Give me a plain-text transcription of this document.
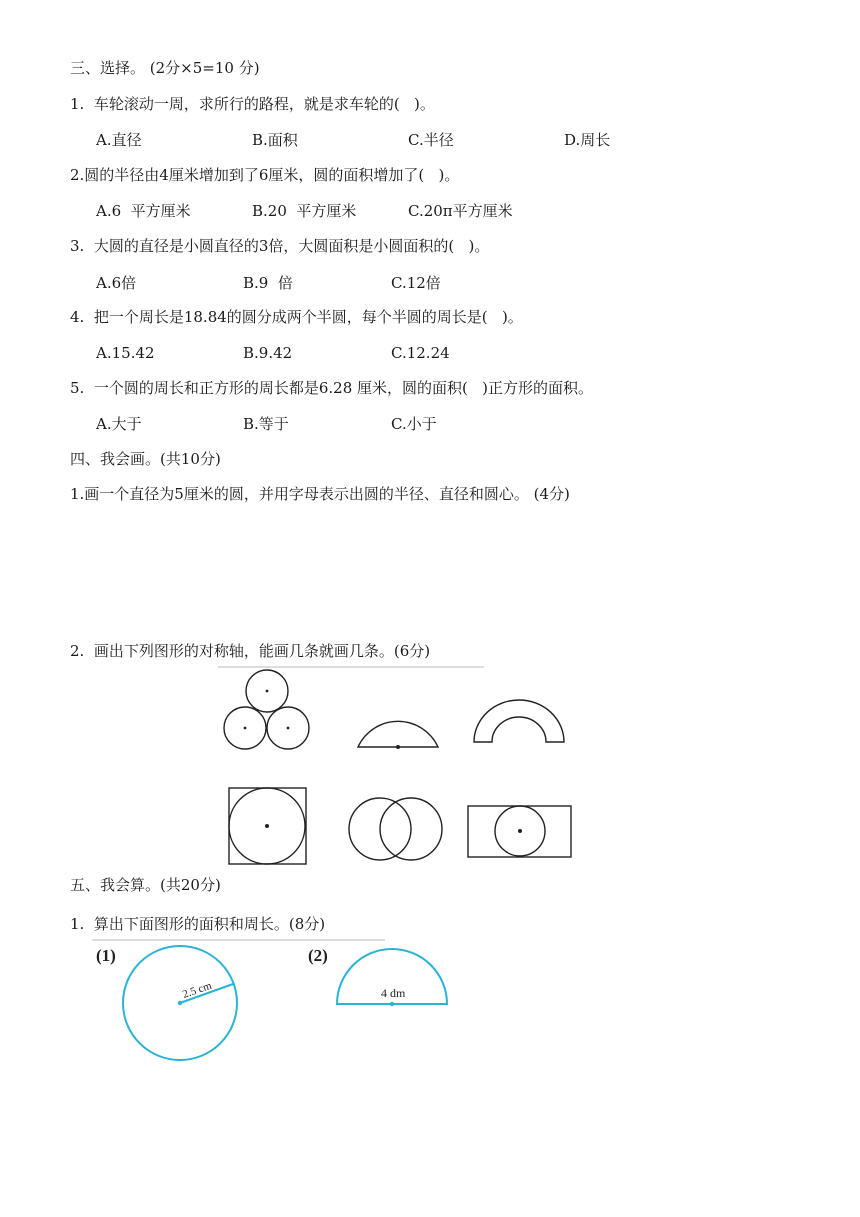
三、选择。 (2分×5=10 分)
1.  车轮滚动一周，求所行的路程，就是求车轮的(   )。
A.直径	B.面积	C.半径	D.周长
2.圆的半径由4厘米增加到了6厘米，圆的面积增加了(   )。
A.6  平方厘米	B.20  平方厘米	C.20π平方厘米
3.  大圆的直径是小圆直径的3倍，大圆面积是小圆面积的(   )。
A.6倍	B.9  倍	C.12倍
4.  把一个周长是18.84的圆分成两个半圆，每个半圆的周长是(   )。
A.15.42	B.9.42	C.12.24
5.  一个圆的周长和正方形的周长都是6.28 厘米，圆的面积(   )正方形的面积。
A.大于	B.等于	C.小于
四、我会画。(共10分)
1.画一个直径为5厘米的圆，并用字母表示出圆的半径、直径和圆心。 (4分)
2.  画出下列图形的对称轴，能画几条就画几条。(6分)
五、我会算。(共20分)
1.  算出下面图形的面积和周长。(8分)
(1)	(2)
2.5 cm	4 dm
